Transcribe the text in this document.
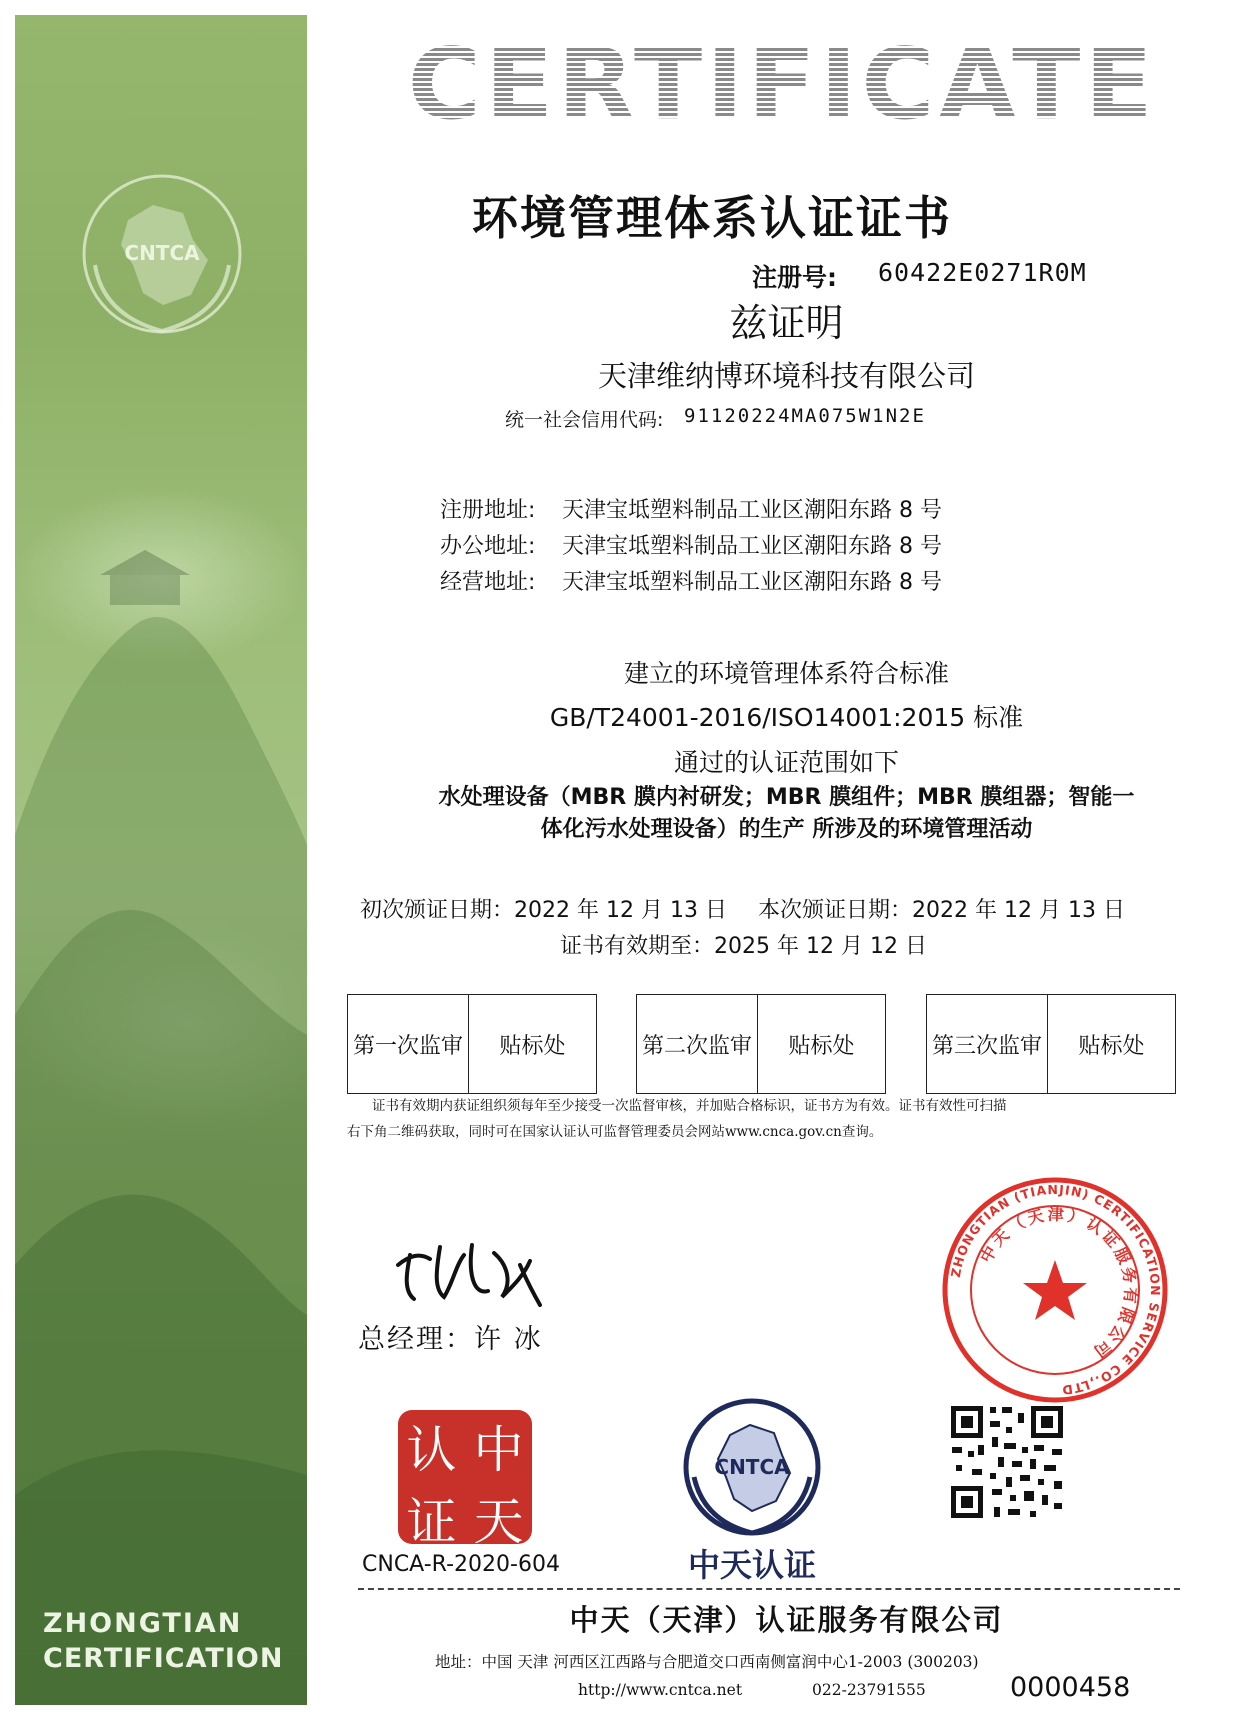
CNTCA
ZHONGTIAN
CERTIFICATION
CERTIFICATE
环境管理体系认证证书
注册号: 60422E0271R0M
兹证明
天津维纳博环境科技有限公司
统一社会信用代码: 91120224MA075W1N2E
注册地址:	天津宝坻塑料制品工业区潮阳东路 8 号
办公地址:	天津宝坻塑料制品工业区潮阳东路 8 号
经营地址:	天津宝坻塑料制品工业区潮阳东路 8 号
建立的环境管理体系符合标准
GB/T24001-2016/ISO14001:2015 标准
通过的认证范围如下
水处理设备（MBR 膜内衬研发；MBR 膜组件；MBR 膜组器；智能一
体化污水处理设备）的生产 所涉及的环境管理活动
初次颁证日期：2022 年 12 月 13 日 本次颁证日期：2022 年 12 月 13 日
证书有效期至：2025 年 12 月 12 日
第一次监审	贴标处	第二次监审	贴标处	第三次监审	贴标处
证书有效期内获证组织须每年至少接受一次监督审核，并加贴合格标识，证书方为有效。证书有效性可扫描
右下角二维码获取，同时可在国家认证认可监督管理委员会网站www.cnca.gov.cn查询。
总经理：许 冰
ZHONGTIAN (TIANJIN) CERTIFICATION SERVICE CO.,LTD
中天（天津）认证服务有限公司
认 中
证 天
CNCA-R-2020-604
CNTCA
中天认证
中天（天津）认证服务有限公司
地址：中国 天津 河西区江西路与合肥道交口西南侧富润中心1-2003 (300203)
http://www.cntca.net	022-23791555	0000458
